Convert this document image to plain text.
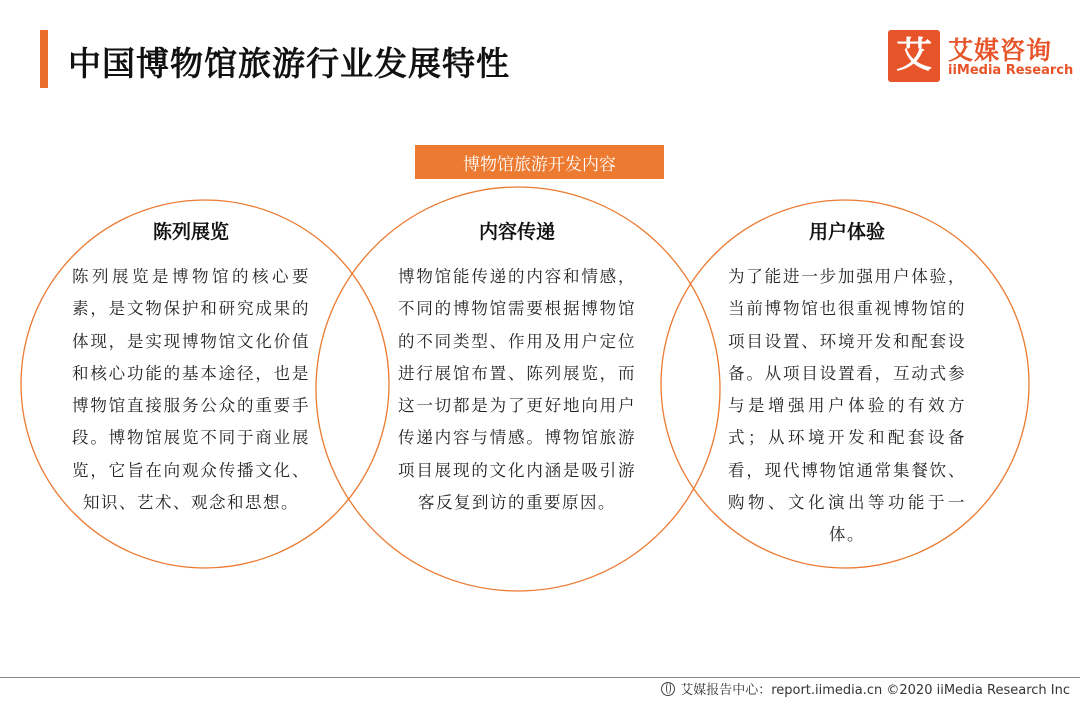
中国博物馆旅游行业发展特性	艾 艾媒咨询
iiMedia Research
博物馆旅游开发内容
陈列展览
陈列展览是博物馆的核心要素，是文物保护和研究成果的体现，是实现博物馆文化价值和核心功能的基本途径，也是博物馆直接服务公众的重要手段。博物馆展览不同于商业展览，它旨在向观众传播文化、知识、艺术、观念和思想。
内容传递
博物馆能传递的内容和情感，不同的博物馆需要根据博物馆的不同类型、作用及用户定位进行展馆布置、陈列展览，而这一切都是为了更好地向用户传递内容与情感。博物馆旅游项目展现的文化内涵是吸引游客反复到访的重要原因。
用户体验
为了能进一步加强用户体验，当前博物馆也很重视博物馆的项目设置、环境开发和配套设备。从项目设置看，互动式参与是增强用户体验的有效方式；从环境开发和配套设备看，现代博物馆通常集餐饮、购物、文化演出等功能于一体。
艾媒报告中心：report.iimedia.cn ©2020 iiMedia Research Inc
